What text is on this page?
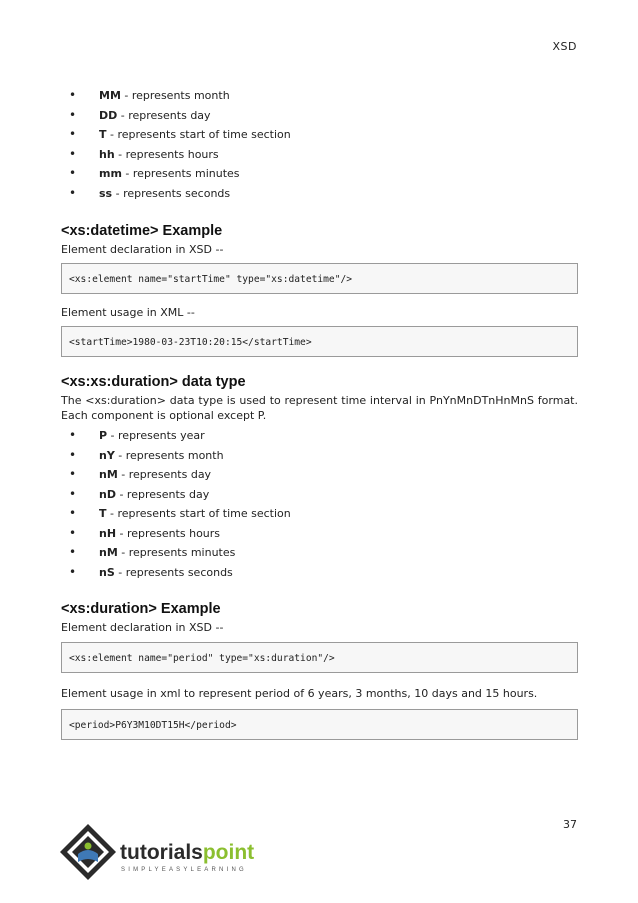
XSD
• MM - represents month
• DD - represents day
• T - represents start of time section
• hh - represents hours
• mm - represents minutes
• ss - represents seconds
<xs:datetime> Example

Element declaration in XSD --

<xs:element name="startTime" type="xs:datetime"/>

Element usage in XML --

<startTime>1980-03-23T10:20:15</startTime>
<xs:xs:duration> data type

The <xs:duration> data type is used to represent time interval in PnYnMnDTnHnMnS format. Each component is optional except P.

• P - represents year
• nY - represents month
• nM - represents day
• nD - represents day
• T - represents start of time section
• nH - represents hours
• nM - represents minutes
• nS - represents seconds
<xs:duration> Example

Element declaration in XSD --

<xs:element name="period" type="xs:duration"/>

Element usage in xml to represent period of 6 years, 3 months, 10 days and 15 hours.

<period>P6Y3M10DT15H</period>
37
tutorialspoint
SIMPLYEASYLEARNING
